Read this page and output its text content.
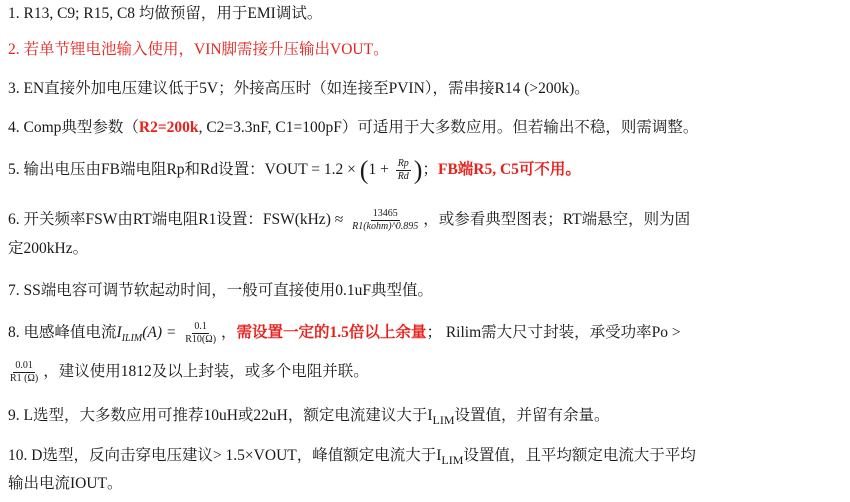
1. R13, C9; R15, C8 均做预留，用于EMI调试。
2. 若单节锂电池输入使用，VIN脚需接升压输出VOUT。
3. EN直接外加电压建议低于5V；外接高压时（如连接至PVIN），需串接R14 (>200k)。
4. Comp典型参数（R2=200k, C2=3.3nF, C1=100pF）可适用于大多数应用。但若输出不稳，则需调整。
5. 输出电压由FB端电阻Rp和Rd设置：VOUT = $1.2 \times (1 + \frac{Rp}{Rd}$ )；FB端R5, C5可不用。
6. 开关频率FSW由RT端电阻R1设置：$FSW(kHz) \approx \frac{13465}{\text{R1(kohm)\textasciicircum{}0.895}}$ ，或参看典型图表；RT端悬空，则为固
定200kHz。
7. SS端电容可调节软起动时间，一般可直接使用0.1uF典型值。
8. 电感峰值电流$I_{ILIM}(A) = \frac{0.1}{R10(\Omega)}$ ，需设置一定的1.5倍以上余量； Rilim需大尺寸封装，承受功率Po >
$\frac{0.01}{R1 (\Omega)}$ ，建议使用1812及以上封装，或多个电阻并联。
9. L选型，大多数应用可推荐10uH或22uH，额定电流建议大于$I_{LIM}$设置值，并留有余量。
10. D选型，反向击穿电压建议> 1.5×VOUT，峰值额定电流大于$I_{LIM}$设置值，且平均额定电流大于平均
输出电流IOUT。
